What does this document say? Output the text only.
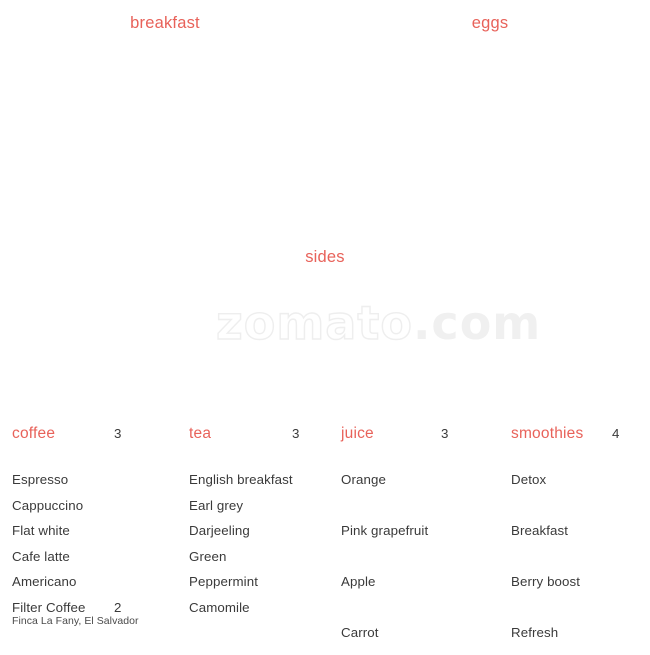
zomato.com
breakfast	eggs
sides
coffee	3
Espresso
Cappuccino
Flat white
Cafe latte
Americano
Filter Coffee 2
Finca La Fany, El Salvador
tea	3
English breakfast
Earl grey
Darjeeling
Green
Peppermint
Camomile
juice	3
Orange
Pink grapefruit
Apple
Carrot
smoothies 4
Detox
Breakfast
Berry boost
Refresh
